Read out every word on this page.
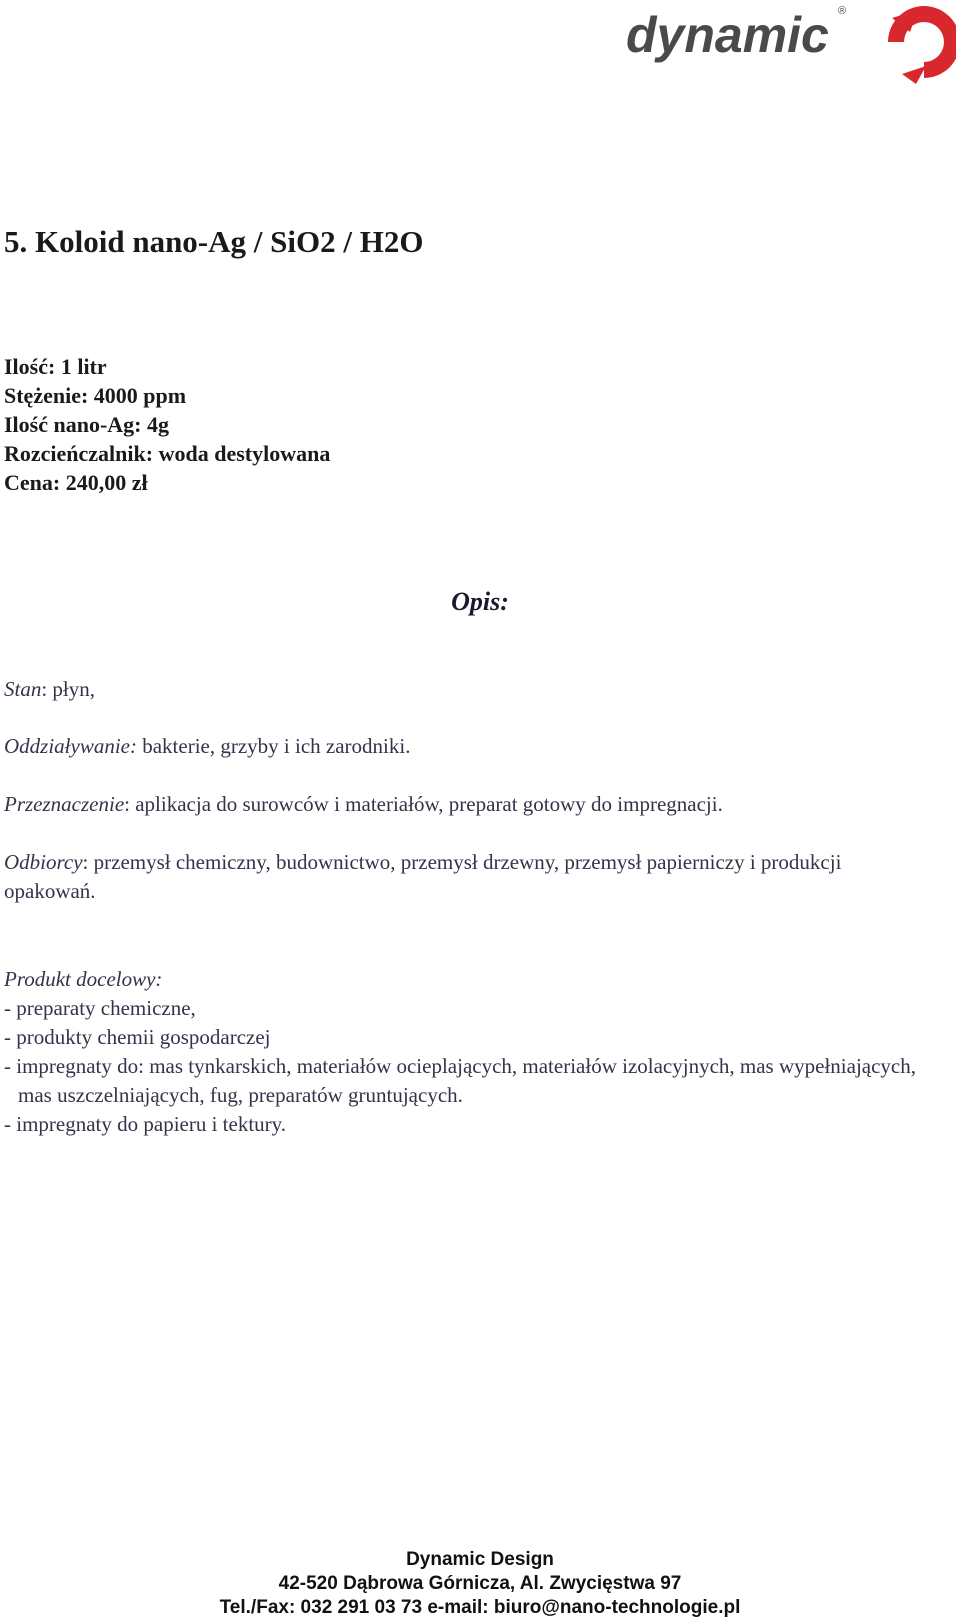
dynamic ®
5. Koloid nano-Ag / SiO2 / H2O
Ilość: 1 litr
Stężenie: 4000 ppm
Ilość nano-Ag: 4g
Rozcieńczalnik: woda destylowana
Cena: 240,00 zł
Opis:

Stan: płyn,

Oddziaływanie: bakterie, grzyby i ich zarodniki.

Przeznaczenie: aplikacja do surowców i materiałów, preparat gotowy do impregnacji.

Odbiorcy: przemysł chemiczny, budownictwo, przemysł drzewny, przemysł papierniczy i produkcji opakowań.

Produkt docelowy:
- preparaty chemiczne,
- produkty chemii gospodarczej
- impregnaty do: mas tynkarskich, materiałów ocieplających, materiałów izolacyjnych, mas wypełniających, mas uszczelniających, fug, preparatów gruntujących.
- impregnaty do papieru i tektury.
Dynamic Design
42-520 Dąbrowa Górnicza, Al. Zwycięstwa 97
Tel./Fax: 032 291 03 73 e-mail: biuro@nano-technologie.pl
